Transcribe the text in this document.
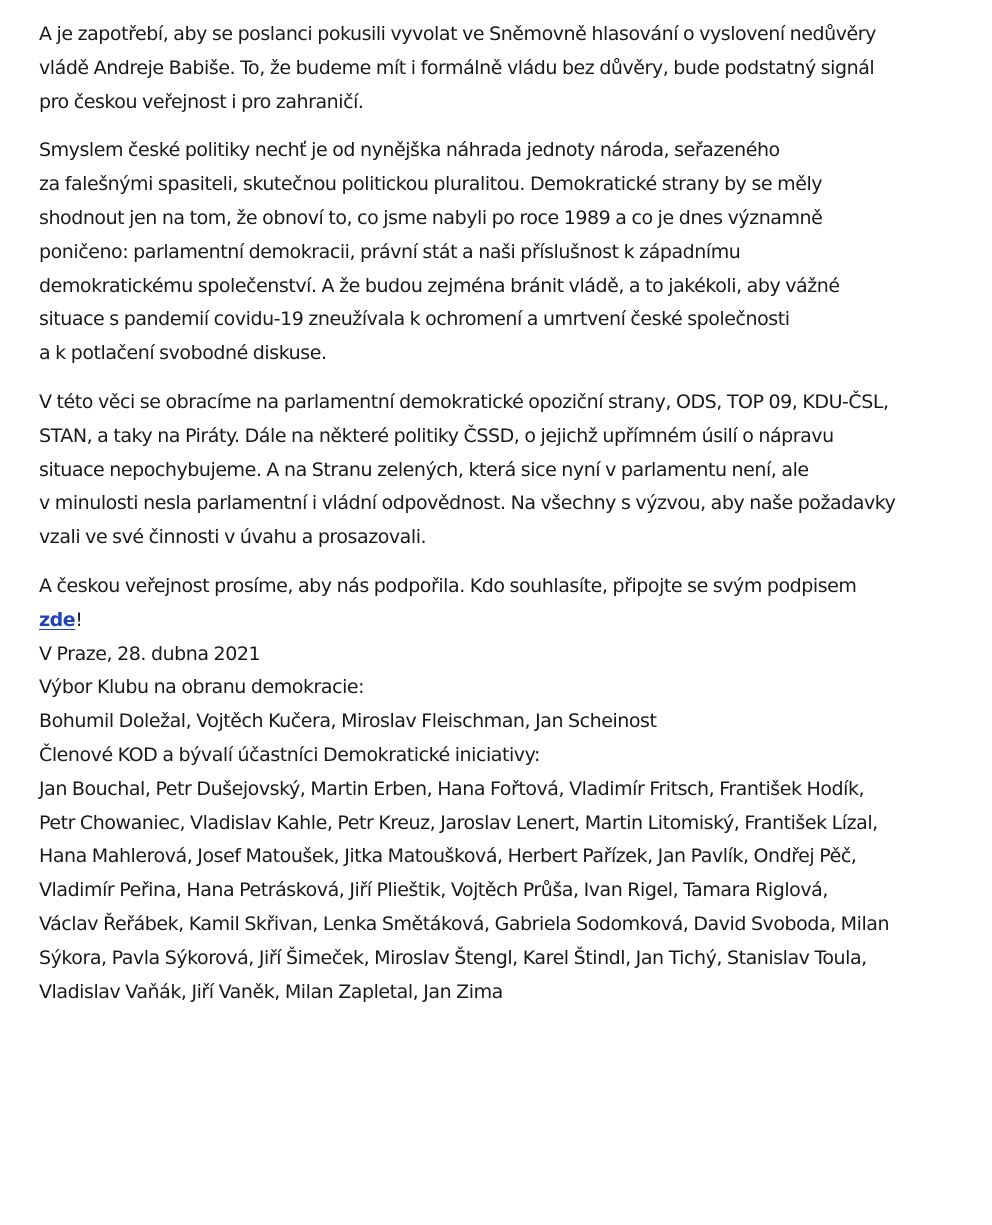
A je zapotřebí, aby se poslanci pokusili vyvolat ve Sněmovně hlasování o vyslovení nedůvěry
vládě Andreje Babiše. To, že budeme mít i formálně vládu bez důvěry, bude podstatný signál
pro českou veřejnost i pro zahraničí.

Smyslem české politiky nechť je od nynějška náhrada jednoty národa, seřazeného
za falešnými spasiteli, skutečnou politickou pluralitou. Demokratické strany by se měly
shodnout jen na tom, že obnoví to, co jsme nabyli po roce 1989 a co je dnes významně
poničeno: parlamentní demokracii, právní stát a naši příslušnost k západnímu
demokratickému společenství. A že budou zejména bránit vládě, a to jakékoli, aby vážné
situace s pandemií covidu-19 zneužívala k ochromení a umrtvení české společnosti
a k potlačení svobodné diskuse.

V této věci se obracíme na parlamentní demokratické opoziční strany, ODS, TOP 09, KDU-ČSL,
STAN, a taky na Piráty. Dále na některé politiky ČSSD, o jejichž upřímném úsilí o nápravu
situace nepochybujeme. A na Stranu zelených, která sice nyní v parlamentu není, ale
v minulosti nesla parlamentní i vládní odpovědnost. Na všechny s výzvou, aby naše požadavky
vzali ve své činnosti v úvahu a prosazovali.

A českou veřejnost prosíme, aby nás podpořila. Kdo souhlasíte, připojte se svým podpisem
zde!

V Praze, 28. dubna 2021

Výbor Klubu na obranu demokracie:
Bohumil Doležal, Vojtěch Kučera, Miroslav Fleischman, Jan Scheinost

Členové KOD a bývalí účastníci Demokratické iniciativy:
Jan Bouchal, Petr Dušejovský, Martin Erben, Hana Fořtová, Vladimír Fritsch, František Hodík,
Petr Chowaniec, Vladislav Kahle, Petr Kreuz, Jaroslav Lenert, Martin Litomiský, František Lízal,
Hana Mahlerová, Josef Matoušek, Jitka Matoušková, Herbert Pařízek, Jan Pavlík, Ondřej Pěč,
Vladimír Peřina, Hana Petrásková, Jiří Plieštik, Vojtěch Průša, Ivan Rigel, Tamara Riglová,
Václav Řeřábek, Kamil Skřivan, Lenka Smětáková, Gabriela Sodomková, David Svoboda, Milan
Sýkora, Pavla Sýkorová, Jiří Šimeček, Miroslav Štengl, Karel Štindl, Jan Tichý, Stanislav Toula,
Vladislav Vaňák, Jiří Vaněk, Milan Zapletal, Jan Zima
